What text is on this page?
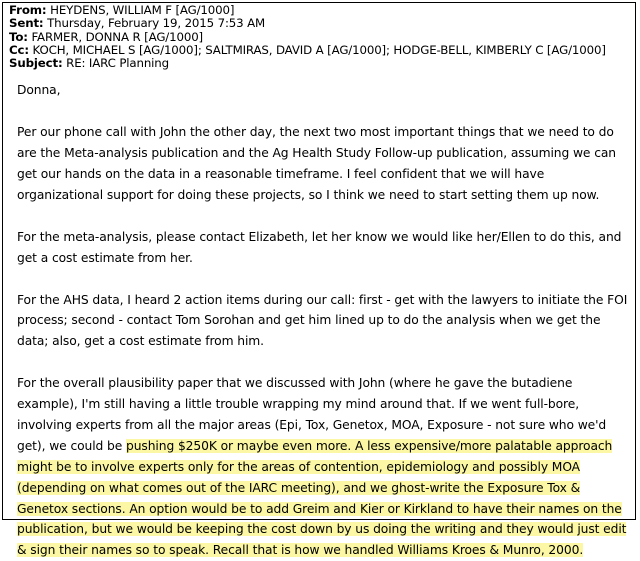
From: HEYDENS, WILLIAM F [AG/1000]
Sent: Thursday, February 19, 2015 7:53 AM
To: FARMER, DONNA R [AG/1000]
Cc: KOCH, MICHAEL S [AG/1000]; SALTMIRAS, DAVID A [AG/1000]; HODGE-BELL, KIMBERLY C [AG/1000]
Subject: RE: IARC Planning

Donna,

Per our phone call with John the other day, the next two most important things that we need to do are the Meta-analysis publication and the Ag Health Study Follow-up publication, assuming we can get our hands on the data in a reasonable timeframe. I feel confident that we will have organizational support for doing these projects, so I think we need to start setting them up now.

For the meta-analysis, please contact Elizabeth, let her know we would like her/Ellen to do this, and get a cost estimate from her.

For the AHS data, I heard 2 action items during our call: first - get with the lawyers to initiate the FOI process; second - contact Tom Sorohan and get him lined up to do the analysis when we get the data; also, get a cost estimate from him.

For the overall plausibility paper that we discussed with John (where he gave the butadiene example), I'm still having a little trouble wrapping my mind around that. If we went full-bore, involving experts from all the major areas (Epi, Tox, Genetox, MOA, Exposure - not sure who we'd get), we could be pushing $250K or maybe even more. A less expensive/more palatable approach might be to involve experts only for the areas of contention, epidemiology and possibly MOA (depending on what comes out of the IARC meeting), and we ghost-write the Exposure Tox & Genetox sections. An option would be to add Greim and Kier or Kirkland to have their names on the publication, but we would be keeping the cost down by us doing the writing and they would just edit & sign their names so to speak. Recall that is how we handled Williams Kroes & Munro, 2000.
